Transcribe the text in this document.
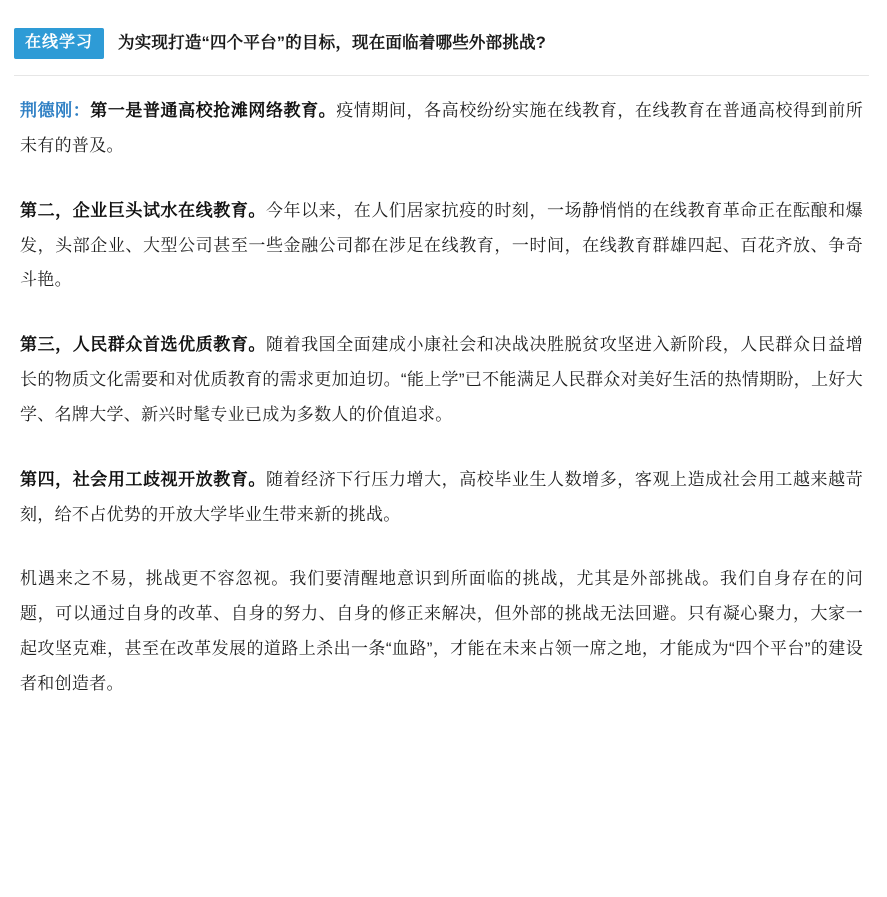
在线学习	为实现打造“四个平台”的目标，现在面临着哪些外部挑战?

荆德刚：第一是普通高校抢滩网络教育。疫情期间，各高校纷纷实施在线教育，在线教育在普通高校得到前所未有的普及。

第二，企业巨头试水在线教育。今年以来，在人们居家抗疫的时刻，一场静悄悄的在线教育革命正在酝酿和爆发，头部企业、大型公司甚至一些金融公司都在涉足在线教育，一时间，在线教育群雄四起、百花齐放、争奇斗艳。

第三，人民群众首选优质教育。随着我国全面建成小康社会和决战决胜脱贫攻坚进入新阶段，人民群众日益增长的物质文化需要和对优质教育的需求更加迫切。“能上学”已不能满足人民群众对美好生活的热情期盼，上好大学、名牌大学、新兴时髦专业已成为多数人的价值追求。

第四，社会用工歧视开放教育。随着经济下行压力增大，高校毕业生人数增多，客观上造成社会用工越来越苛刻，给不占优势的开放大学毕业生带来新的挑战。

机遇来之不易，挑战更不容忽视。我们要清醒地意识到所面临的挑战，尤其是外部挑战。我们自身存在的问题，可以通过自身的改革、自身的努力、自身的修正来解决，但外部的挑战无法回避。只有凝心聚力，大家一起攻坚克难，甚至在改革发展的道路上杀出一条“血路”，才能在未来占领一席之地，才能成为“四个平台”的建设者和创造者。
